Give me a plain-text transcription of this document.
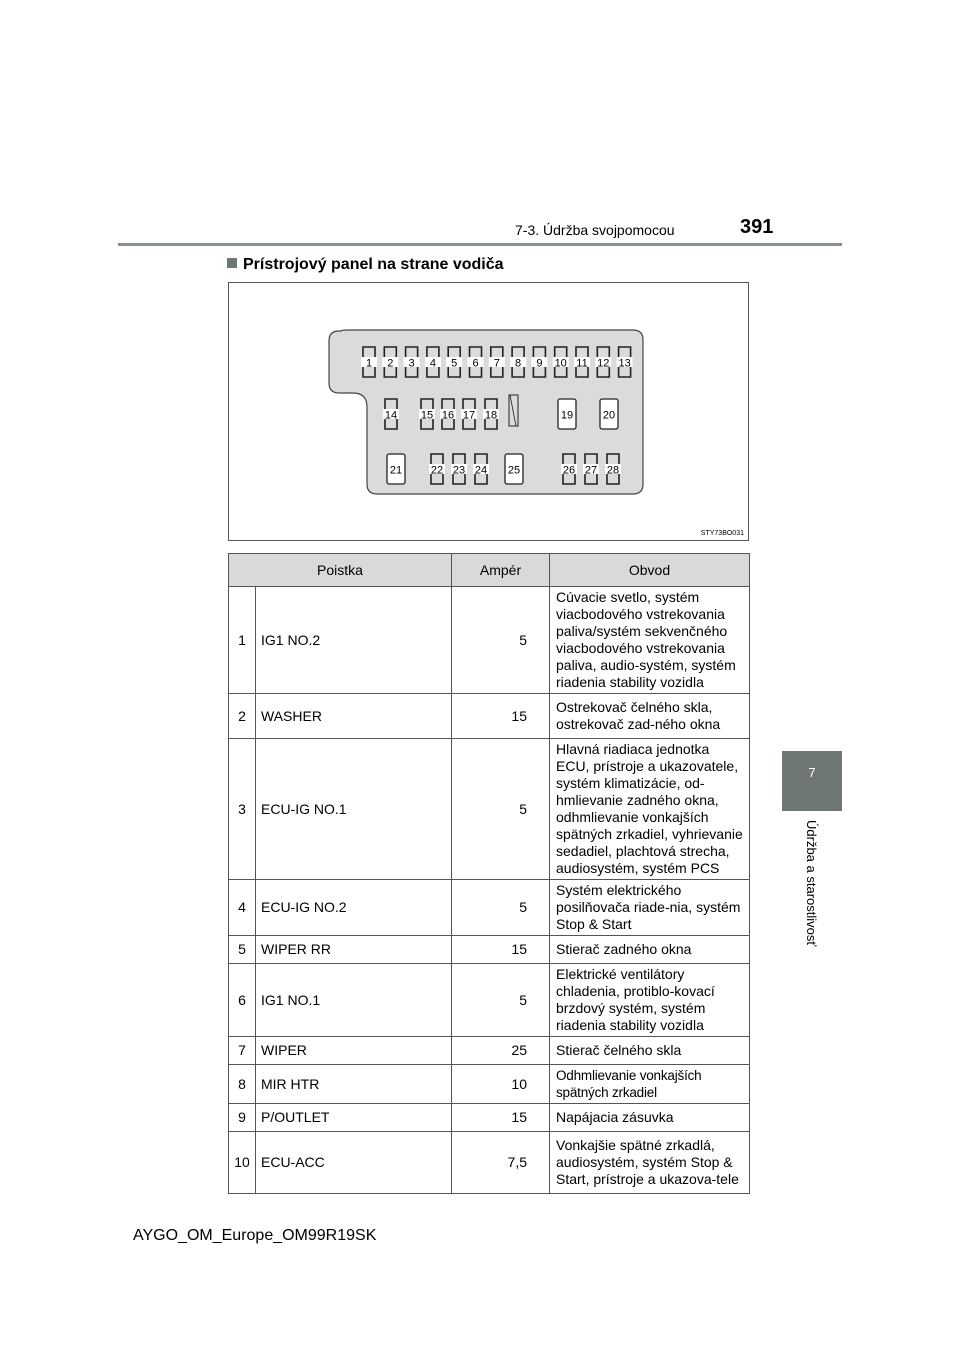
7-3. Údržba svojpomocou	391
7
Údržba a starostlivosť
Prístrojový panel na strane vodiča
1 2 3 4 5 6 7 8 9 10 11 12 13
14 15 16 17 18	19	20
21	22 23 24 25	26 27 28
STY73BO031
Poistka		Ampér	Obvod
1	IG1 NO.2	5	Cúvacie svetlo, systém viacbodového vstrekovania paliva/systém sekvenčného viacbodového vstrekovania paliva, audio-systém, systém riadenia stability vozidla
2	WASHER	15	Ostrekovač čelného skla, ostrekovač zad-ného okna
3	ECU-IG NO.1	5	Hlavná riadiaca jednotka ECU, prístroje a ukazovatele, systém klimatizácie, od-hmlievanie zadného okna, odhmlievanie vonkajších spätných zrkadiel, vyhrievanie sedadiel, plachtová strecha, audiosystém, systém PCS
4	ECU-IG NO.2	5	Systém elektrického posilňovača riade-nia, systém Stop & Start
5	WIPER RR	15	Stierač zadného okna
6	IG1 NO.1	5	Elektrické ventilátory chladenia, protiblo-kovací brzdový systém, systém riadenia stability vozidla
7	WIPER	25	Stierač čelného skla
8	MIR HTR	10	Odhmlievanie vonkajších spätných zrkadiel
9	P/OUTLET	15	Napájacia zásuvka
10	ECU-ACC	7,5	Vonkajšie spätné zrkadlá, audiosystém, systém Stop & Start, prístroje a ukazova-tele
AYGO_OM_Europe_OM99R19SK
